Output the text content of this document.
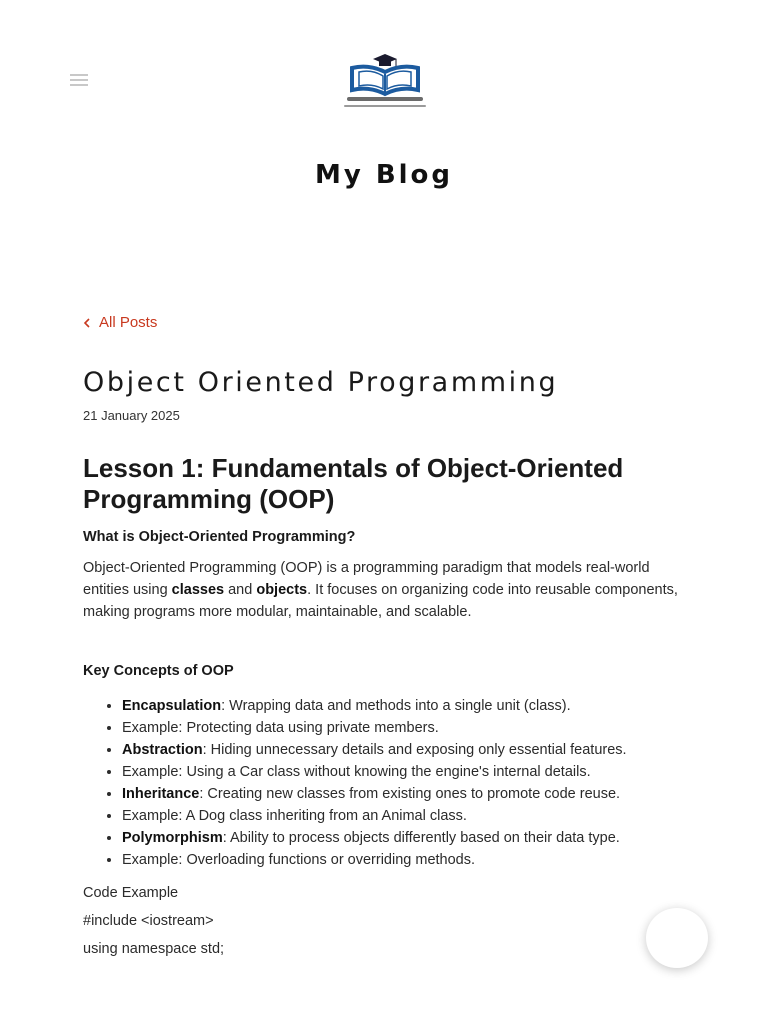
My Blog
All Posts
Object Oriented Programming
21 January 2025
Lesson 1: Fundamentals of Object-Oriented Programming (OOP)
What is Object-Oriented Programming?

Object-Oriented Programming (OOP) is a programming paradigm that models real-world entities using classes and objects. It focuses on organizing code into reusable components, making programs more modular, maintainable, and scalable.

Key Concepts of OOP
• Encapsulation: Wrapping data and methods into a single unit (class).
• Example: Protecting data using private members.
• Abstraction: Hiding unnecessary details and exposing only essential features.
• Example: Using a Car class without knowing the engine's internal details.
• Inheritance: Creating new classes from existing ones to promote code reuse.
• Example: A Dog class inheriting from an Animal class.
• Polymorphism: Ability to process objects differently based on their data type.
• Example: Overloading functions or overriding methods.
Code Example
#include <iostream>
using namespace std;
